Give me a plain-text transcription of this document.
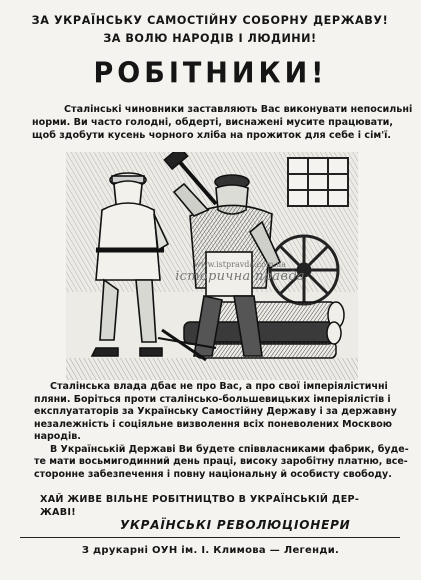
ЗА УКРАЇНСЬКУ САМОСТІЙНУ СОБОРНУ ДЕРЖАВУ!
ЗА ВОЛЮ НАРОДІВ І ЛЮДИНИ!
РОБІТНИКИ!

Сталінські чиновники заставляють Вас виконувати непосильні

норми. Ви часто голодні, обдерті, виснажені мусите працювати,

щоб здобути кусень чорного хліба на прожиток для себе і сім'ї.

www.istpravda.com.ua
історична правда

Сталінська влада дбає не про Вас, а про свої імперіялістичні

пляни. Боріться проти сталінсько-большевицьких імперіялістів і

експлуататорів за Українську Самостійну Державу і за державну

незалежність і соціяльне визволення всіх поневолених Москвою

народів.

В Українській Державі Ви будете співвласниками фабрик, буде-

те мати восьмигодинний день праці, високу заробітну платню, все-

сторонне забезпечення і повну національну й особисту свободу.

ХАЙ ЖИВЕ ВІЛЬНЕ РОБІТНИЦТВО В УКРАЇНСЬКІЙ ДЕР-

ЖАВІ!

УКРАЇНСЬКІ РЕВОЛЮЦІОНЕРИ
З друкарні ОУН ім. І. Климова — Легенди.
